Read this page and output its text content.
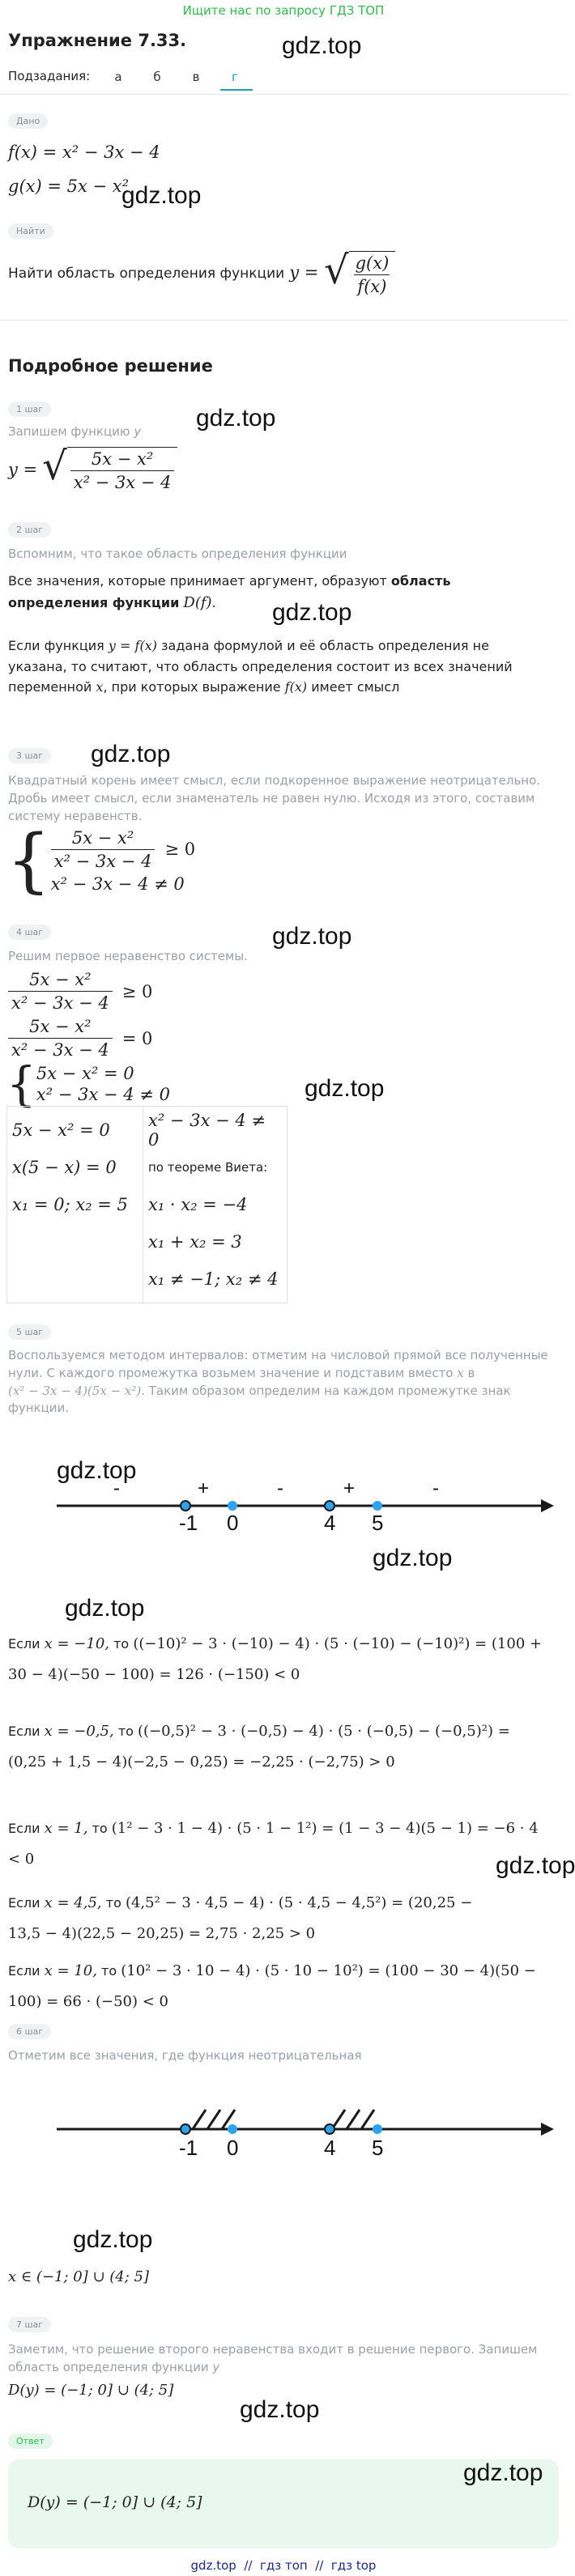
Ищите нас по запросу ГДЗ ТОП
Упражнение 7.33.	gdz.top
Подзадания:	а	б	в	г
Дано
f(x) = x² − 3x − 4
g(x) = 5x − x²
gdz.top
Найти
Найти область определения функции y = √ $\frac{g(x)}{f(x)}$
Подробное решение
1 шаг
Запишем функцию y gdz.top
y = √ $\frac{\text{5x − x²}}{\text{x² − 3x − 4}}$
2 шаг
Вспомним, что такое область определения функции
Все значения, которые принимает аргумент, образуют область определения функции D(f).	gdz.top
Если функция y = f(x) задана формулой и её область определения не указана, то считают, что область определения состоит из всех значений переменной x, при которых выражение f(x) имеет смысл
3 шаг	gdz.top
Квадратный корень имеет смысл, если подкоренное выражение неотрицательно. Дробь имеет смысл, если знаменатель не равен нулю. Исходя из этого, составим систему неравенств.
{ $\frac{\text{5x − x²}}{\text{x² − 3x − 4}} \ge 0$
x² − 3x − 4 ≠ 0
4 шаг	gdz.top
Решим первое неравенство системы.
$\frac{\text{5x − x²}}{\text{x² − 3x − 4}} \ge 0$
$\frac{\text{5x − x²}}{\text{x² − 3x − 4}} = 0$
gdz.top
{ 5x − x² = 0
x² − 3x − 4 ≠ 0
5x − x² = 0
x(5 − x) = 0
x₁ = 0; x₂ = 5

x² − 3x − 4 ≠ 0
по теореме Виета:
x₁ · x₂ = −4
x₁ + x₂ = 3
x₁ ≠ −1; x₂ ≠ 4
5 шаг
Воспользуемся методом интервалов: отметим на числовой прямой все полученные нули. С каждого промежутка возьмем значение и подставим вместо x в
(x² − 3x − 4)(5x − x²). Таким образом определим на каждом промежутке знак функции.
-1 0	4 5
-	+	-	+	-
gdz.top
gdz.top
gdz.top
Если x = −10, то ((−10)² − 3 · (−10) − 4) · (5 · (−10) − (−10)²) = (100 + 30 − 4)(−50 − 100) = 126 · (−150) < 0
Если x = −0,5, то ((−0,5)² − 3 · (−0,5) − 4) · (5 · (−0,5) − (−0,5)²) = (0,25 + 1,5 − 4)(−2,5 − 0,25) = −2,25 · (−2,75) > 0
Если x = 1, то (1² − 3 · 1 − 4) · (5 · 1 − 1²) = (1 − 3 − 4)(5 − 1) = −6 · 4 < 0	gdz.top
Если x = 4,5, то (4,5² − 3 · 4,5 − 4) · (5 · 4,5 − 4,5²) = (20,25 − 13,5 − 4)(22,5 − 20,25) = 2,75 · 2,25 > 0
Если x = 10, то (10² − 3 · 10 − 4) · (5 · 10 − 10²) = (100 − 30 − 4)(50 − 100) = 66 · (−50) < 0
6 шаг
Отметим все значения, где функция неотрицательная
-1 0	4 5
gdz.top
x ∈ (−1; 0] ∪ (4; 5]
7 шаг
Заметим, что решение второго неравенства входит в решение первого. Запишем область определения функции y
D(y) = (−1; 0] ∪ (4; 5]
gdz.top
Ответ
D(y) = (−1; 0] ∪ (4; 5]
gdz.top
gdz.top  //  гдз топ  //  гдз top
